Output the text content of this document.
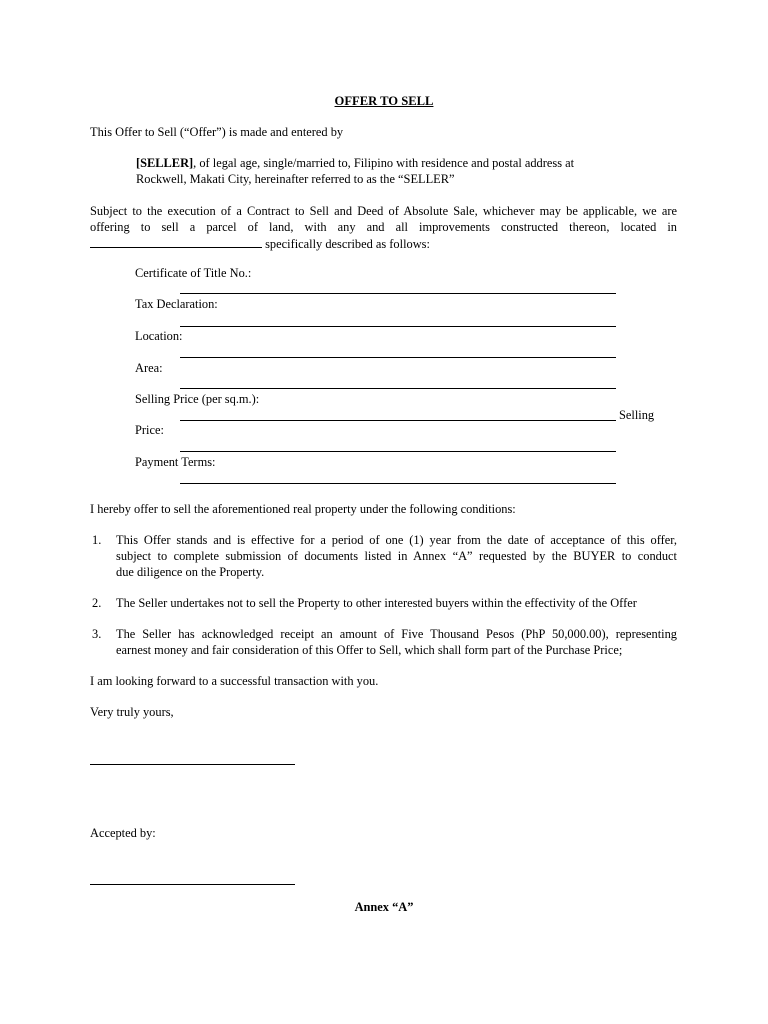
OFFER TO SELL
This Offer to Sell (“Offer”) is made and entered by
[SELLER], of legal age, single/married to, Filipino with residence and postal address at
Rockwell, Makati City, hereinafter referred to as the “SELLER”
Subject to the execution of a Contract to Sell and Deed of Absolute Sale, whichever may be applicable, we are
offering to sell a parcel of land, with any and all improvements constructed thereon, located in
specifically described as follows:
Certificate of Title No.:
Tax Declaration:
Location:
Area:
Selling Price (per sq.m.):
Selling
Price:
Payment Terms:
I hereby offer to sell the aforementioned real property under the following conditions:
1. This Offer stands and is effective for a period of one (1) year from the date of acceptance of this offer,
subject to complete submission of documents listed in Annex “A” requested by the BUYER to conduct
due diligence on the Property.
2. The Seller undertakes not to sell the Property to other interested buyers within the effectivity of the Offer
3. The Seller has acknowledged receipt an amount of Five Thousand Pesos (PhP 50,000.00), representing
earnest money and fair consideration of this Offer to Sell, which shall form part of the Purchase Price;
I am looking forward to a successful transaction with you.
Very truly yours,
Accepted by:
Annex “A”
